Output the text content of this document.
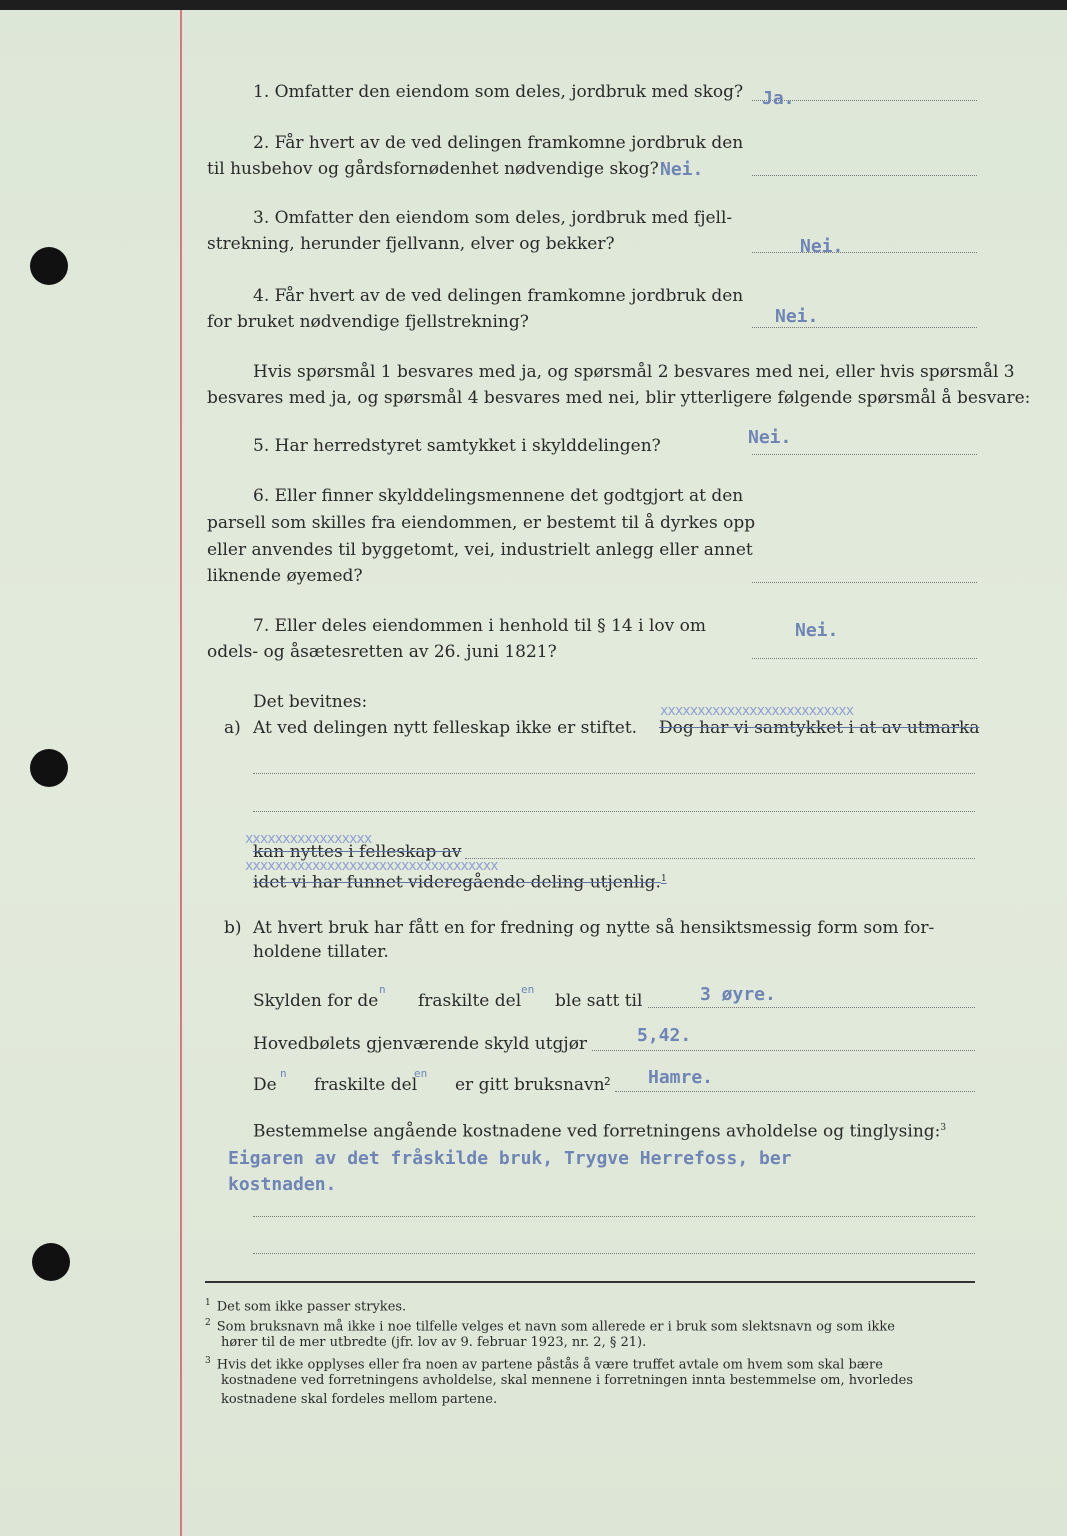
1. Omfatter den eiendom som deles, jordbruk med skog? Ja.
2. Får hvert av de ved delingen framkomne jordbruk den
til husbehov og gårdsfornødenhet nødvendige skog? Nei.
3. Omfatter den eiendom som deles, jordbruk med fjell-
strekning, herunder fjellvann, elver og bekker?	Nei.
4. Får hvert av de ved delingen framkomne jordbruk den
for bruket nødvendige fjellstrekning?	Nei.
Hvis spørsmål 1 besvares med ja, og spørsmål 2 besvares med nei, eller hvis spørsmål 3
besvares med ja, og spørsmål 4 besvares med nei, blir ytterligere følgende spørsmål å besvare:
5. Har herredstyret samtykket i skylddelingen?	Nei.
6. Eller finner skylddelingsmennene det godtgjort at den
parsell som skilles fra eiendommen, er bestemt til å dyrkes opp
eller anvendes til byggetomt, vei, industrielt anlegg eller annet
liknende øyemed?
7. Eller deles eiendommen i henhold til § 14 i lov om
odels- og åsætesretten av 26. juni 1821?
Nei.
Det bevitnes:
a) At ved delingen nytt felleskap ikke er stiftet.
xxxxxxxxxxxxxxxxxxxxxxxxxx
Dog har vi samtykket i at av utmarka
xxxxxxxxxxxxxxxxx
kan nyttes i felleskap av
xxxxxxxxxxxxxxxxxxxxxxxxxxxxxxxxxx
idet vi har funnet videregående deling utjenlig.$^1$
b) At hvert bruk har fått en for fredning og nytte så hensiktsmessig form som for-
holdene tillater.
Skylden for de
n
fraskilte del
en
ble satt til	3 øyre.
Hovedbølets gjenværende skyld utgjør	5,42.
De
n
fraskilte del
en
er gitt bruksnavn 2 Hamre.
Bestemmelse angående kostnadene ved forretningens avholdelse og tinglysing:$^3$
Eigaren av det fråskilde bruk, Trygve Herrefoss, ber
kostnaden.
$^1$ Det som ikke passer strykes.
$^2$ Som bruksnavn må ikke i noe tilfelle velges et navn som allerede er i bruk som slektsnavn og som ikke
hører til de mer utbredte (jfr. lov av 9. februar 1923, nr. 2, § 21).
$^3$ Hvis det ikke opplyses eller fra noen av partene påstås å være truffet avtale om hvem som skal bære
kostnadene ved forretningens avholdelse, skal mennene i forretningen innta bestemmelse om, hvorledes
kostnadene skal fordeles mellom partene.
